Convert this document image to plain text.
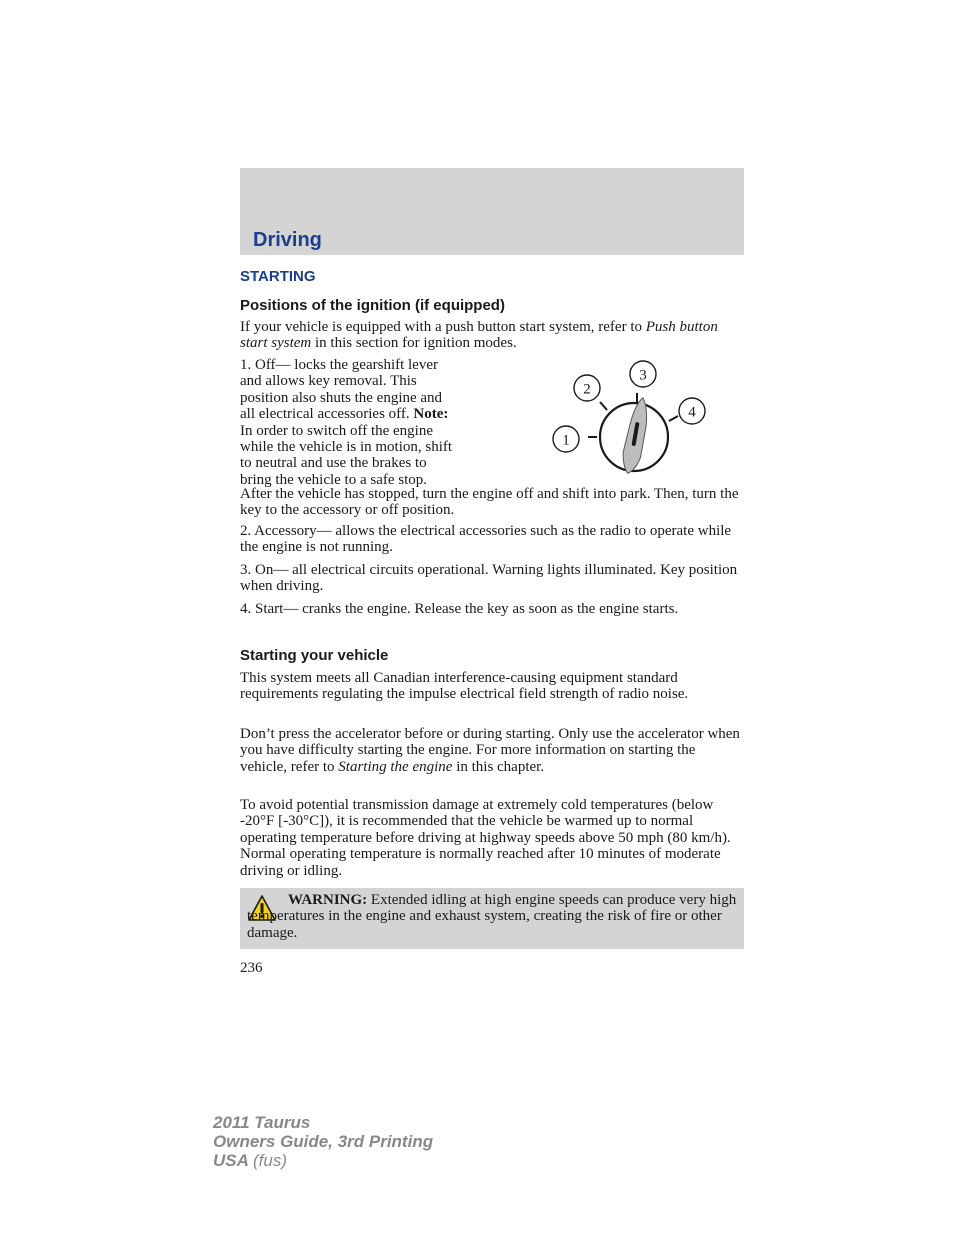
Driving
STARTING
Positions of the ignition (if equipped)
If your vehicle is equipped with a push button start system, refer to Push button start system in this section for ignition modes.
1. Off— locks the gearshift lever
and allows key removal. This
position also shuts the engine and
all electrical accessories off. Note:
In order to switch off the engine
while the vehicle is in motion, shift
to neutral and use the brakes to
bring the vehicle to a safe stop.
1
2
3
4
After the vehicle has stopped, turn the engine off and shift into park. Then, turn the key to the accessory or off position.
2. Accessory— allows the electrical accessories such as the radio to operate while the engine is not running.
3. On— all electrical circuits operational. Warning lights illuminated. Key position when driving.
4. Start— cranks the engine. Release the key as soon as the engine starts.
Starting your vehicle
This system meets all Canadian interference-causing equipment standard requirements regulating the impulse electrical field strength of radio noise.
Don’t press the accelerator before or during starting. Only use the accelerator when you have difficulty starting the engine. For more information on starting the vehicle, refer to Starting the engine in this chapter.
To avoid potential transmission damage at extremely cold temperatures (below -20°F [-30°C]), it is recommended that the vehicle be warmed up to normal operating temperature before driving at highway speeds above 50 mph (80 km/h). Normal operating temperature is normally reached after 10 minutes of moderate driving or idling.
WARNING: Extended idling at high engine speeds can produce very high temperatures in the engine and exhaust system, creating the risk of fire or other damage.
236
2011 Taurus
Owners Guide, 3rd Printing
USA (fus)
